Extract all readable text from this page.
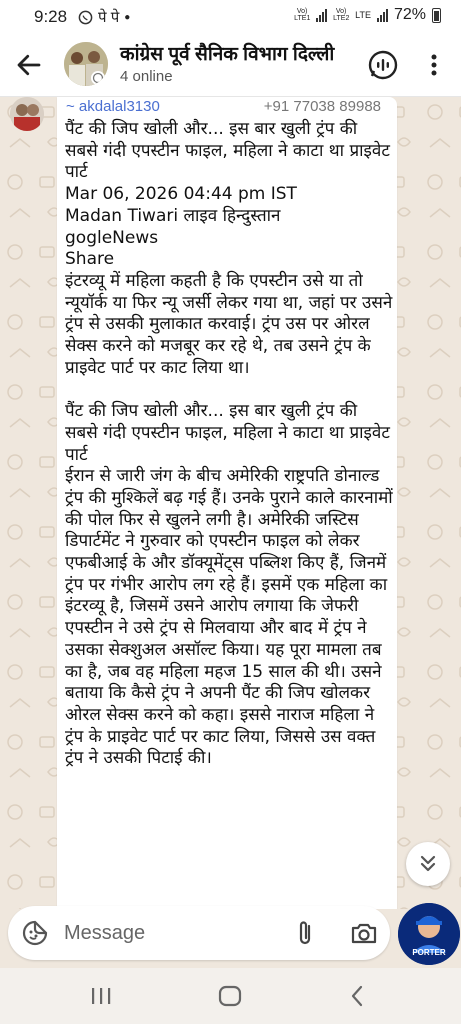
9:28 पे पे ●	Vo) LTE1
Vo) LTE2 LTE 72%
कांग्रेस पूर्व सैनिक विभाग दिल्ली
4 online
~ akdalal3130	+91 77038 89988
पैंट की जिप खोली और... इस बार खुली ट्रंप की सबसे गंदी एपस्टीन फाइल, महिला ने काटा था प्राइवेट पार्ट
Mar 06, 2026 04:44 pm IST
Madan Tiwari लाइव हिन्दुस्तान
gogleNews
Share
इंटरव्यू में महिला कहती है कि एपस्टीन उसे या तो न्यूयॉर्क या फिर न्यू जर्सी लेकर गया था, जहां पर उसने ट्रंप से उसकी मुलाकात करवाई। ट्रंप उस पर ओरल सेक्स करने को मजबूर कर रहे थे, तब उसने ट्रंप के प्राइवेट पार्ट पर काट लिया था।

पैंट की जिप खोली और... इस बार खुली ट्रंप की सबसे गंदी एपस्टीन फाइल, महिला ने काटा था प्राइवेट पार्ट
ईरान से जारी जंग के बीच अमेरिकी राष्ट्रपति डोनाल्ड ट्रंप की मुश्किलें बढ़ गई हैं। उनके पुराने काले कारनामों की पोल फिर से खुलने लगी है। अमेरिकी जस्टिस डिपार्टमेंट ने गुरुवार को एपस्टीन फाइल को लेकर एफबीआई के और डॉक्यूमेंट्स पब्लिश किए हैं, जिनमें ट्रंप पर गंभीर आरोप लग रहे हैं। इसमें एक महिला का इंटरव्यू है, जिसमें उसने आरोप लगाया कि जेफरी एपस्टीन ने उसे ट्रंप से मिलवाया और बाद में ट्रंप ने उसका सेक्शुअल असॉल्ट किया। यह पूरा मामला तब का है, जब वह महिला महज 15 साल की थी। उसने बताया कि कैसे ट्रंप ने अपनी पैंट की जिप खोलकर ओरल सेक्स करने को कहा। इससे नाराज महिला ने ट्रंप के प्राइवेट पार्ट पर काट लिया, जिससे उस वक्त ट्रंप ने उसकी पिटाई की।
Message
PORTER
